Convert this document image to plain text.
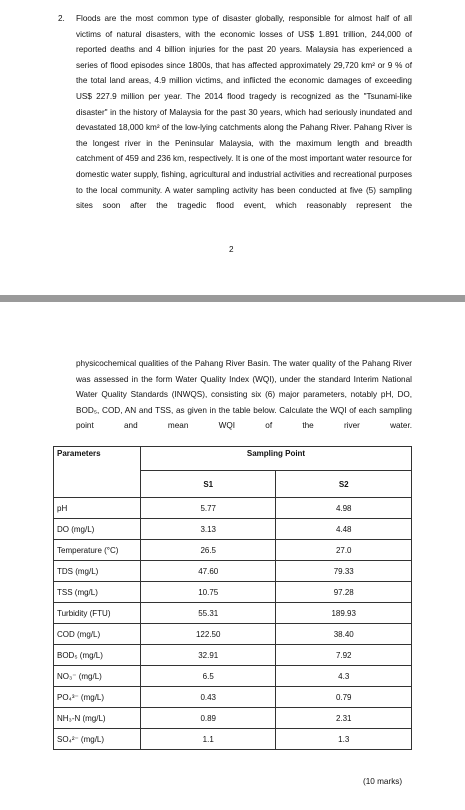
2. Floods are the most common type of disaster globally, responsible for almost half of all victims of natural disasters, with the economic losses of US$ 1.891 trillion, 244,000 of reported deaths and 4 billion injuries for the past 20 years. Malaysia has experienced a series of flood episodes since 1800s, that has affected approximately 29,720 km² or 9 % of the total land areas, 4.9 million victims, and inflicted the economic damages of exceeding US$ 227.9 million per year. The 2014 flood tragedy is recognized as the "Tsunami-like disaster" in the history of Malaysia for the past 30 years, which had seriously inundated and devastated 18,000 km² of the low-lying catchments along the Pahang River. Pahang River is the longest river in the Peninsular Malaysia, with the maximum length and breadth catchment of 459 and 236 km, respectively. It is one of the most important water resource for domestic water supply, fishing, agricultural and industrial activities and recreational purposes to the local community. A water sampling activity has been conducted at five (5) sampling sites soon after the tragedic flood event, which reasonably represent the

2

physicochemical qualities of the Pahang River Basin. The water quality of the Pahang River was assessed in the form Water Quality Index (WQI), under the standard Interim National Water Quality Standards (INWQS), consisting six (6) major parameters, notably pH, DO, BOD₅, COD, AN and TSS, as given in the table below. Calculate the WQI of each sampling point and mean WQI of the river water.

Parameters	Sampling Point	
	S1	S2
pH	5.77	4.98
DO (mg/L)	3.13	4.48
Temperature (°C)	26.5	27.0
TDS (mg/L)	47.60	79.33
TSS (mg/L)	10.75	97.28
Turbidity (FTU)	55.31	189.93
COD (mg/L)	122.50	38.40
BOD₅ (mg/L)	32.91	7.92
NO₃⁻ (mg/L)	6.5	4.3
PO₄³⁻ (mg/L)	0.43	0.79
NH₃-N (mg/L)	0.89	2.31
SO₄²⁻ (mg/L)	1.1	1.3
(10 marks)
